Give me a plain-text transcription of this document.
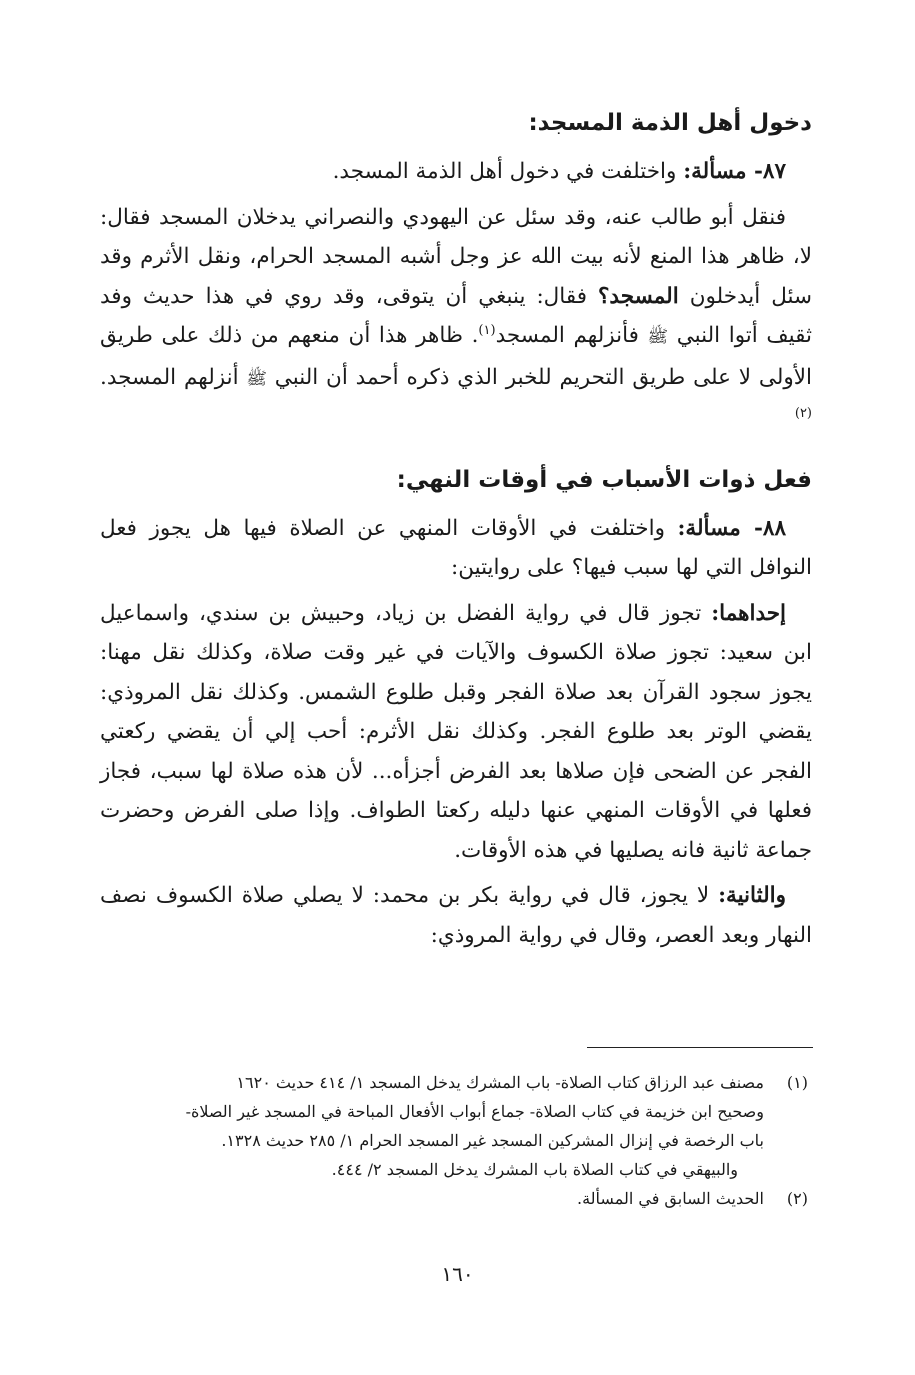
دخول أهل الذمة المسجد:

٨٧- مسألة: واختلفت في دخول أهل الذمة المسجد.

فنقل أبو طالب عنه، وقد سئل عن اليهودي والنصراني يدخلان المسجد فقال: لا، ظاهر هذا المنع لأنه بيت الله عز وجل أشبه المسجد الحرام، ونقل الأثرم وقد سئل أيدخلون المسجد؟ فقال: ينبغي أن يتوقى، وقد روي في هذا حديث وفد ثقيف أتوا النبي ﷺ فأنزلهم المسجد$^{(١)}$. ظاهر هذا أن منعهم من ذلك على طريق الأولى لا على طريق التحريم للخبر الذي ذكره أحمد أن النبي ﷺ أنزلهم المسجد.$^{(٢)}$

فعل ذوات الأسباب في أوقات النهي:

٨٨- مسألة: واختلفت في الأوقات المنهي عن الصلاة فيها هل يجوز فعل النوافل التي لها سبب فيها؟ على روايتين:

إحداهما: تجوز قال في رواية الفضل بن زياد، وحبيش بن سندي، واسماعيل ابن سعيد: تجوز صلاة الكسوف والآيات في غير وقت صلاة، وكذلك نقل مهنا: يجوز سجود القرآن بعد صلاة الفجر وقبل طلوع الشمس. وكذلك نقل المروذي: يقضي الوتر بعد طلوع الفجر. وكذلك نقل الأثرم: أحب إلي أن يقضي ركعتي الفجر عن الضحى فإن صلاها بعد الفرض أجزأه... لأن هذه صلاة لها سبب، فجاز فعلها في الأوقات المنهي عنها دليله ركعتا الطواف. وإذا صلى الفرض وحضرت جماعة ثانية فانه يصليها في هذه الأوقات.

والثانية: لا يجوز، قال في رواية بكر بن محمد: لا يصلي صلاة الكسوف نصف النهار وبعد العصر، وقال في رواية المروذي:

(١)
مصنف عبد الرزاق كتاب الصلاة- باب المشرك يدخل المسجد ١/ ٤١٤ حديث ١٦٢٠
وصحيح ابن خزيمة في كتاب الصلاة- جماع أبواب الأفعال المباحة في المسجد غير الصلاة-
باب الرخصة في إنزال المشركين المسجد غير المسجد الحرام ١/ ٢٨٥ حديث ١٣٢٨.
والبيهقي في كتاب الصلاة باب المشرك يدخل المسجد ٢/ ٤٤٤.
(٢)
الحديث السابق في المسألة.
١٦٠
